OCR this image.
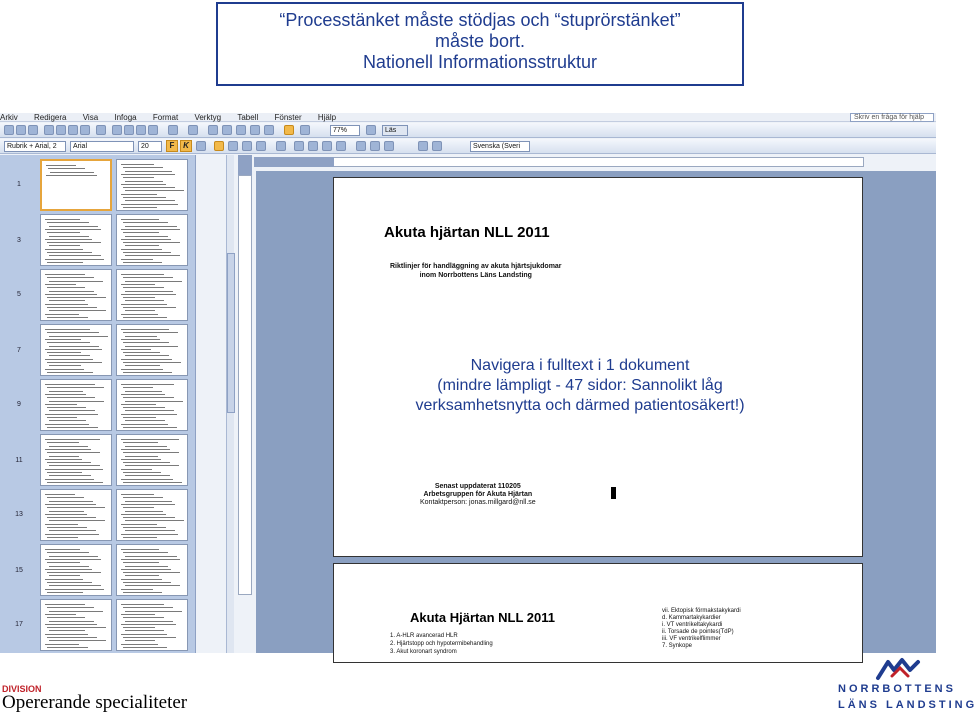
“Processtänket måste stödjas och “stuprörstänket”
måste bort.
Nationell Informationsstruktur
Arkiv Redigera Visa Infoga Format Verktyg Tabell Fönster Hjälp	Skriv en fråga för hjälp
77%	Läs
Rubrik + Arial, 2	Arial	20	F	K	Svenska (Sveri
1
3
5
7
9
11
13
15
17
Akuta hjärtan NLL 2011
Riktlinjer för handläggning av akuta hjärtsjukdomar
inom Norrbottens Läns Landsting
Senast uppdaterat 110205
Arbetsgruppen för Akuta Hjärtan
Kontaktperson: jonas.millgard@nll.se
Akuta Hjärtan NLL 2011
1. A-HLR avancerad HLR
2. Hjärtstopp och hypotermibehandling
3. Akut koronart syndrom
vii. Ektopisk förmakstakykardi
d. Kammartakykardier
i. VT ventrikeltakykardi
ii. Torsade de pointes(TdP)
iii. VF ventrikelflimmer
7. Synkope
Navigera i fulltext i 1 dokument
(mindre lämpligt - 47 sidor: Sannolikt låg
verksamhetsnytta och därmed patientosäkert!)
DIVISION
Opererande specialiteter
NORRBOTTENS
LÄNS LANDSTING
